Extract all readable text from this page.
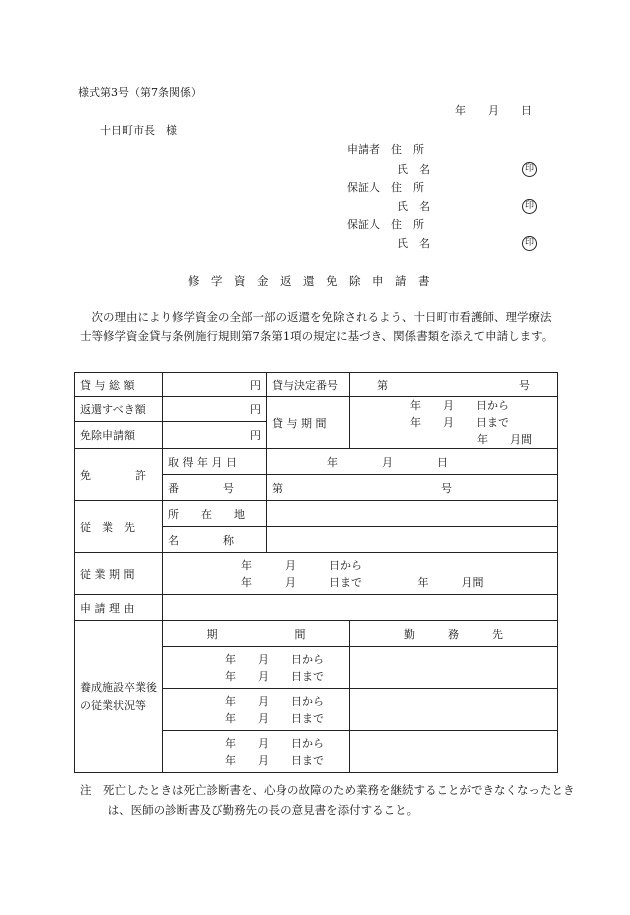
様式第3号（第7条関係）
年　　月　　日
十日町市長　様
申請者　住　所
氏　名	印
保証人　住　所
氏　名	印
保証人　住　所
氏　名	印
修　学　資　金　返　還　免　除　申　請　書
次の理由により修学資金の全部一部の返還を免除されるよう、十日町市看護師、理学療法士等修学資金貸与条例施行規則第7条第1項の規定に基づき、関係書類を添えて申請します。
貸 与 総 額	円	貸与決定番号	第 号

返還すべき額	円	貸 与 期 間	年　　月　　日から
年　　月　　日まで
年　　月間

免除申請額	円		
免　　　　許	取 得 年 月 日	年　　　　月　　　　日	
	番　　　　号	第 号	

従　業　先	所　　在　　地		
	名　　　　称		
従 業 期 間	年　　　月　　　日から
年　　　月　　　日まで 年　　　月間		

申 請 理 由			
養成施設卒業後の従業状況等	期　　　　　　　間		勤　　　務　　　先

	年　　月　　日から
年　　月　　日まで		

	年　　月　　日から
年　　月　　日まで		

	年　　月　　日から
年　　月　　日まで		

注　死亡したときは死亡診断書を、心身の故障のため業務を継続することができなくなったときは、医師の診断書及び勤務先の長の意見書を添付すること。
